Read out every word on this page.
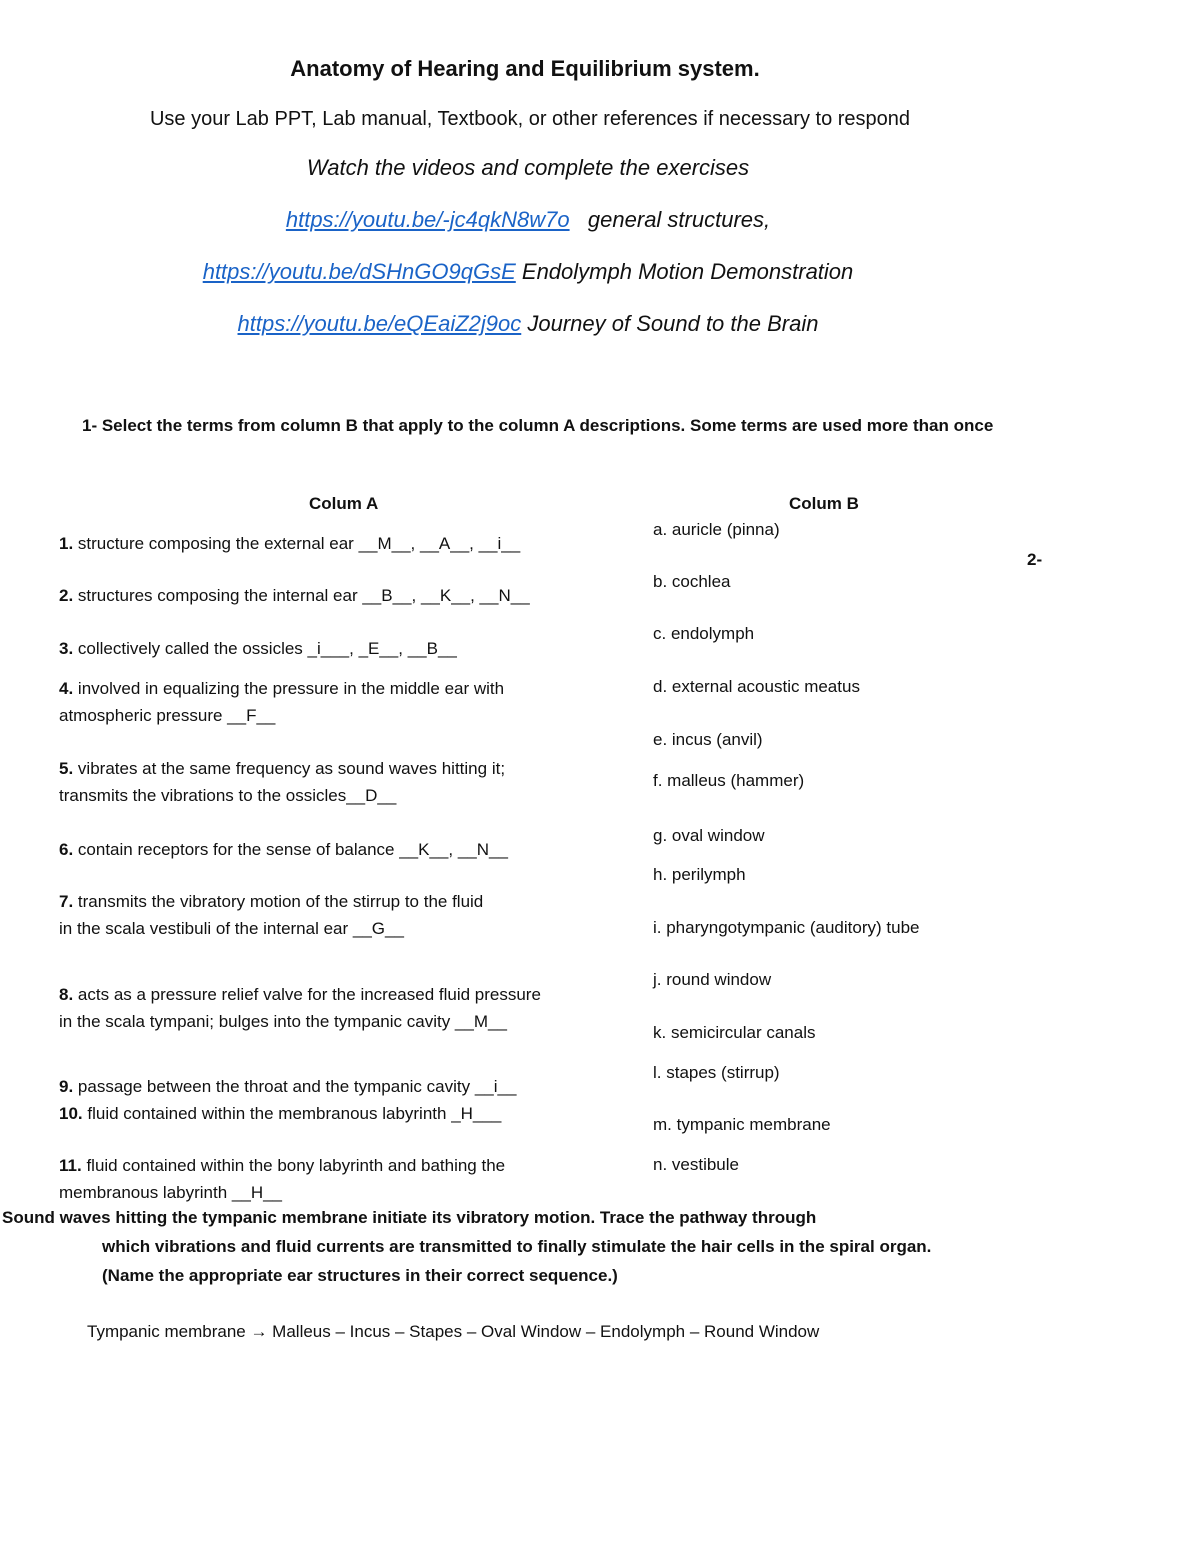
Anatomy of Hearing and Equilibrium system.
Use your Lab PPT, Lab manual, Textbook, or other references if necessary to respond
Watch the videos and complete the exercises
https://youtu.be/-jc4qkN8w7o general structures,
https://youtu.be/dSHnGO9qGsE Endolymph Motion Demonstration
https://youtu.be/eQEaiZ2j9oc Journey of Sound to the Brain
1- Select the terms from column B that apply to the column A descriptions. Some terms are used more than once
Colum A	Colum B
1. structure composing the external ear __M__, __A__, __i__
2. structures composing the internal ear __B__, __K__, __N__
3. collectively called the ossicles _i___, _E__, __B__
4. involved in equalizing the pressure in the middle ear with
atmospheric pressure __F__
5. vibrates at the same frequency as sound waves hitting it;
transmits the vibrations to the ossicles__D__
6. contain receptors for the sense of balance __K__, __N__
7. transmits the vibratory motion of the stirrup to the fluid
in the scala vestibuli of the internal ear __G__
8. acts as a pressure relief valve for the increased fluid pressure
in the scala tympani; bulges into the tympanic cavity __M__
9. passage between the throat and the tympanic cavity __i__
10. fluid contained within the membranous labyrinth _H___
11. fluid contained within the bony labyrinth and bathing the
membranous labyrinth __H__
a. auricle (pinna)
b. cochlea
c. endolymph
d. external acoustic meatus
e. incus (anvil)
f. malleus (hammer)
g. oval window
h. perilymph
i. pharyngotympanic (auditory) tube
j. round window
k. semicircular canals
l. stapes (stirrup)
m. tympanic membrane
n. vestibule
2-
Sound waves hitting the tympanic membrane initiate its vibratory motion. Trace the pathway through
which vibrations and fluid currents are transmitted to finally stimulate the hair cells in the spiral organ.
(Name the appropriate ear structures in their correct sequence.)
Tympanic membrane → Malleus – Incus – Stapes – Oval Window – Endolymph – Round Window
